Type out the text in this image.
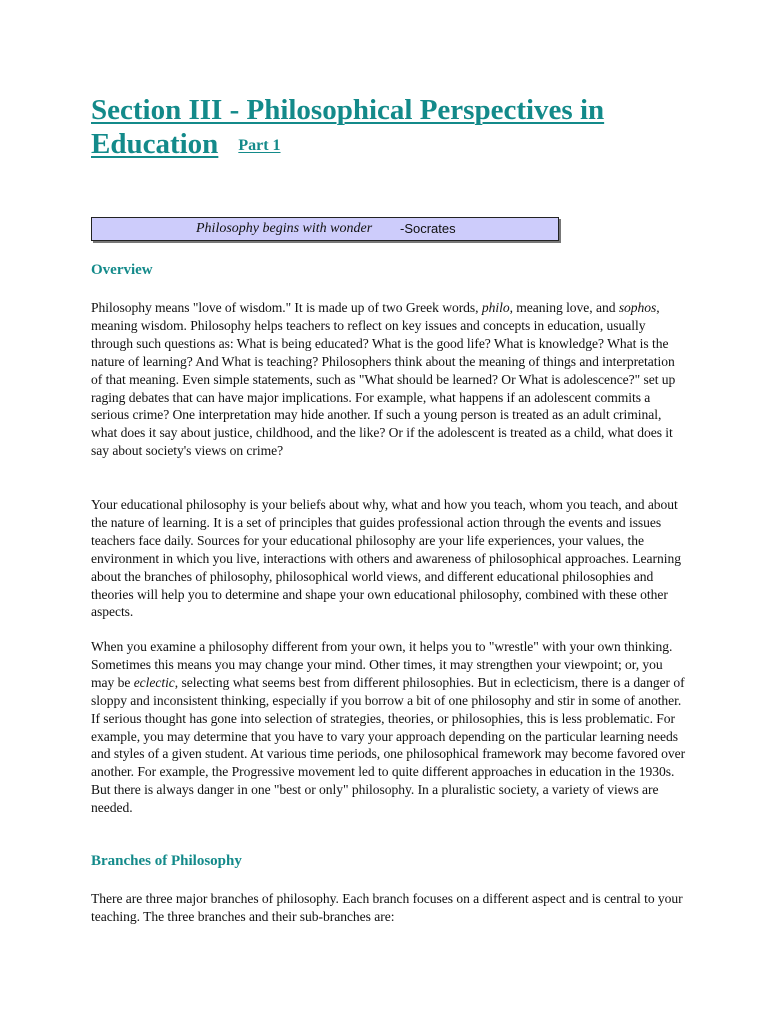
Section III - Philosophical Perspectives in Education Part 1
Philosophy begins with wonder -Socrates
Overview

Philosophy means "love of wisdom." It is made up of two Greek words, philo, meaning love, and sophos, meaning wisdom. Philosophy helps teachers to reflect on key issues and concepts in education, usually through such questions as: What is being educated? What is the good life? What is knowledge? What is the nature of learning? And What is teaching? Philosophers think about the meaning of things and interpretation of that meaning. Even simple statements, such as "What should be learned? Or What is adolescence?" set up raging debates that can have major implications. For example, what happens if an adolescent commits a serious crime? One interpretation may hide another. If such a young person is treated as an adult criminal, what does it say about justice, childhood, and the like? Or if the adolescent is treated as a child, what does it say about society's views on crime?

Your educational philosophy is your beliefs about why, what and how you teach, whom you teach, and about the nature of learning. It is a set of principles that guides professional action through the events and issues teachers face daily. Sources for your educational philosophy are your life experiences, your values, the environment in which you live, interactions with others and awareness of philosophical approaches. Learning about the branches of philosophy, philosophical world views, and different educational philosophies and theories will help you to determine and shape your own educational philosophy, combined with these other aspects.

When you examine a philosophy different from your own, it helps you to "wrestle" with your own thinking. Sometimes this means you may change your mind. Other times, it may strengthen your viewpoint; or, you may be eclectic, selecting what seems best from different philosophies. But in eclecticism, there is a danger of sloppy and inconsistent thinking, especially if you borrow a bit of one philosophy and stir in some of another. If serious thought has gone into selection of strategies, theories, or philosophies, this is less problematic. For example, you may determine that you have to vary your approach depending on the particular learning needs and styles of a given student. At various time periods, one philosophical framework may become favored over another. For example, the Progressive movement led to quite different approaches in education in the 1930s. But there is always danger in one "best or only" philosophy. In a pluralistic society, a variety of views are needed.

Branches of Philosophy

There are three major branches of philosophy. Each branch focuses on a different aspect and is central to your teaching. The three branches and their sub-branches are:
